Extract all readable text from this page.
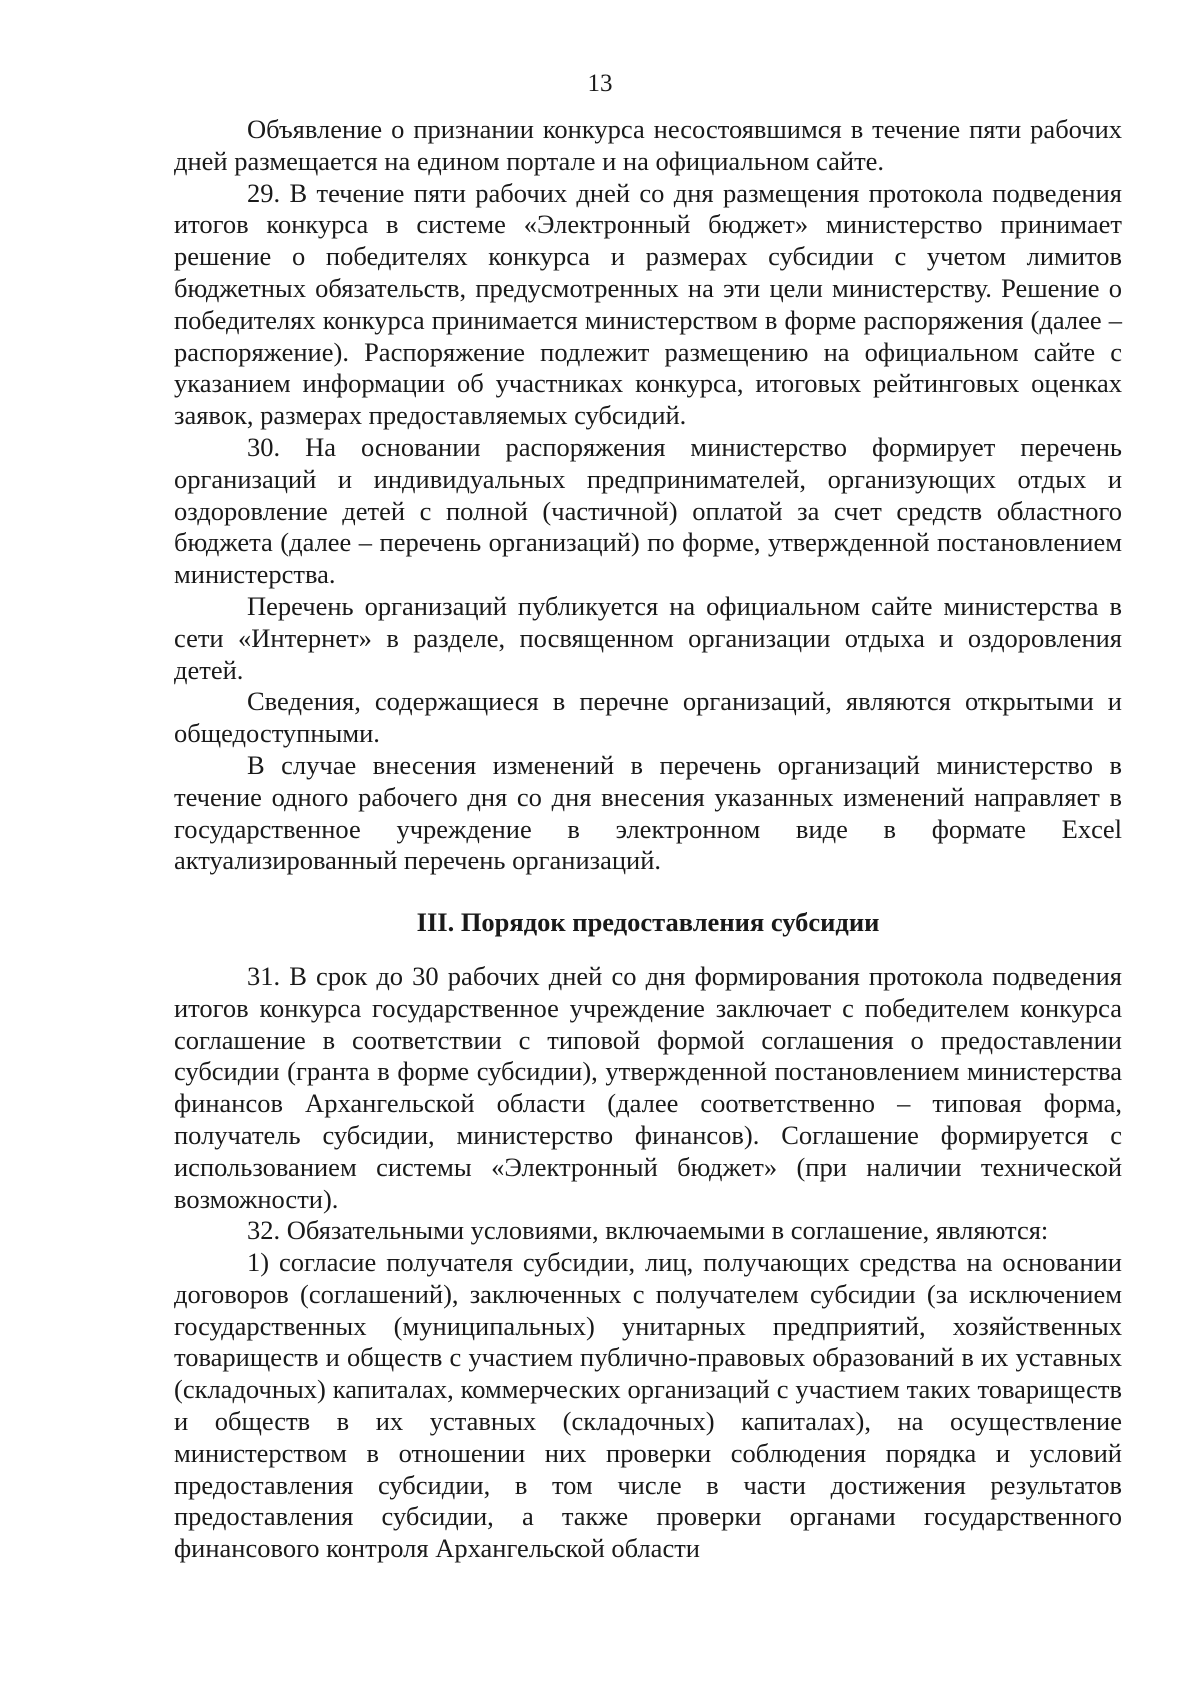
13

Объявление о признании конкурса несостоявшимся в течение пяти рабочих дней размещается на едином портале и на официальном сайте.

29. В течение пяти рабочих дней со дня размещения протокола подведения итогов конкурса в системе «Электронный бюджет» министерство принимает решение о победителях конкурса и размерах субсидии с учетом лимитов бюджетных обязательств, предусмотренных на эти цели министерству. Решение о победителях конкурса принимается министерством в форме распоряжения (далее – распоряжение). Распоряжение подлежит размещению на официальном сайте с указанием информации об участниках конкурса, итоговых рейтинговых оценках заявок, размерах предоставляемых субсидий.

30. На основании распоряжения министерство формирует перечень организаций и индивидуальных предпринимателей, организующих отдых и оздоровление детей с полной (частичной) оплатой за счет средств областного бюджета (далее – перечень организаций) по форме, утвержденной постановлением министерства.

Перечень организаций публикуется на официальном сайте министерства в сети «Интернет» в разделе, посвященном организации отдыха и оздоровления детей.

Сведения, содержащиеся в перечне организаций, являются открытыми и общедоступными.

В случае внесения изменений в перечень организаций министерство в течение одного рабочего дня со дня внесения указанных изменений направляет в государственное учреждение в электронном виде в формате Excel актуализированный перечень организаций.

III. Порядок предоставления субсидии

31. В срок до 30 рабочих дней со дня формирования протокола подведения итогов конкурса государственное учреждение заключает с победителем конкурса соглашение в соответствии с типовой формой соглашения о предоставлении субсидии (гранта в форме субсидии), утвержденной постановлением министерства финансов Архангельской области (далее соответственно – типовая форма, получатель субсидии, министерство финансов). Соглашение формируется с использованием системы «Электронный бюджет» (при наличии технической возможности).

32. Обязательными условиями, включаемыми в соглашение, являются:

1) согласие получателя субсидии, лиц, получающих средства на основании договоров (соглашений), заключенных с получателем субсидии (за исключением государственных (муниципальных) унитарных предприятий, хозяйственных товариществ и обществ с участием публично-правовых образований в их уставных (складочных) капиталах, коммерческих организаций с участием таких товариществ и обществ в их уставных (складочных) капиталах), на осуществление министерством в отношении них проверки соблюдения порядка и условий предоставления субсидии, в том числе в части достижения результатов предоставления субсидии, а также проверки органами государственного финансового контроля Архангельской области
